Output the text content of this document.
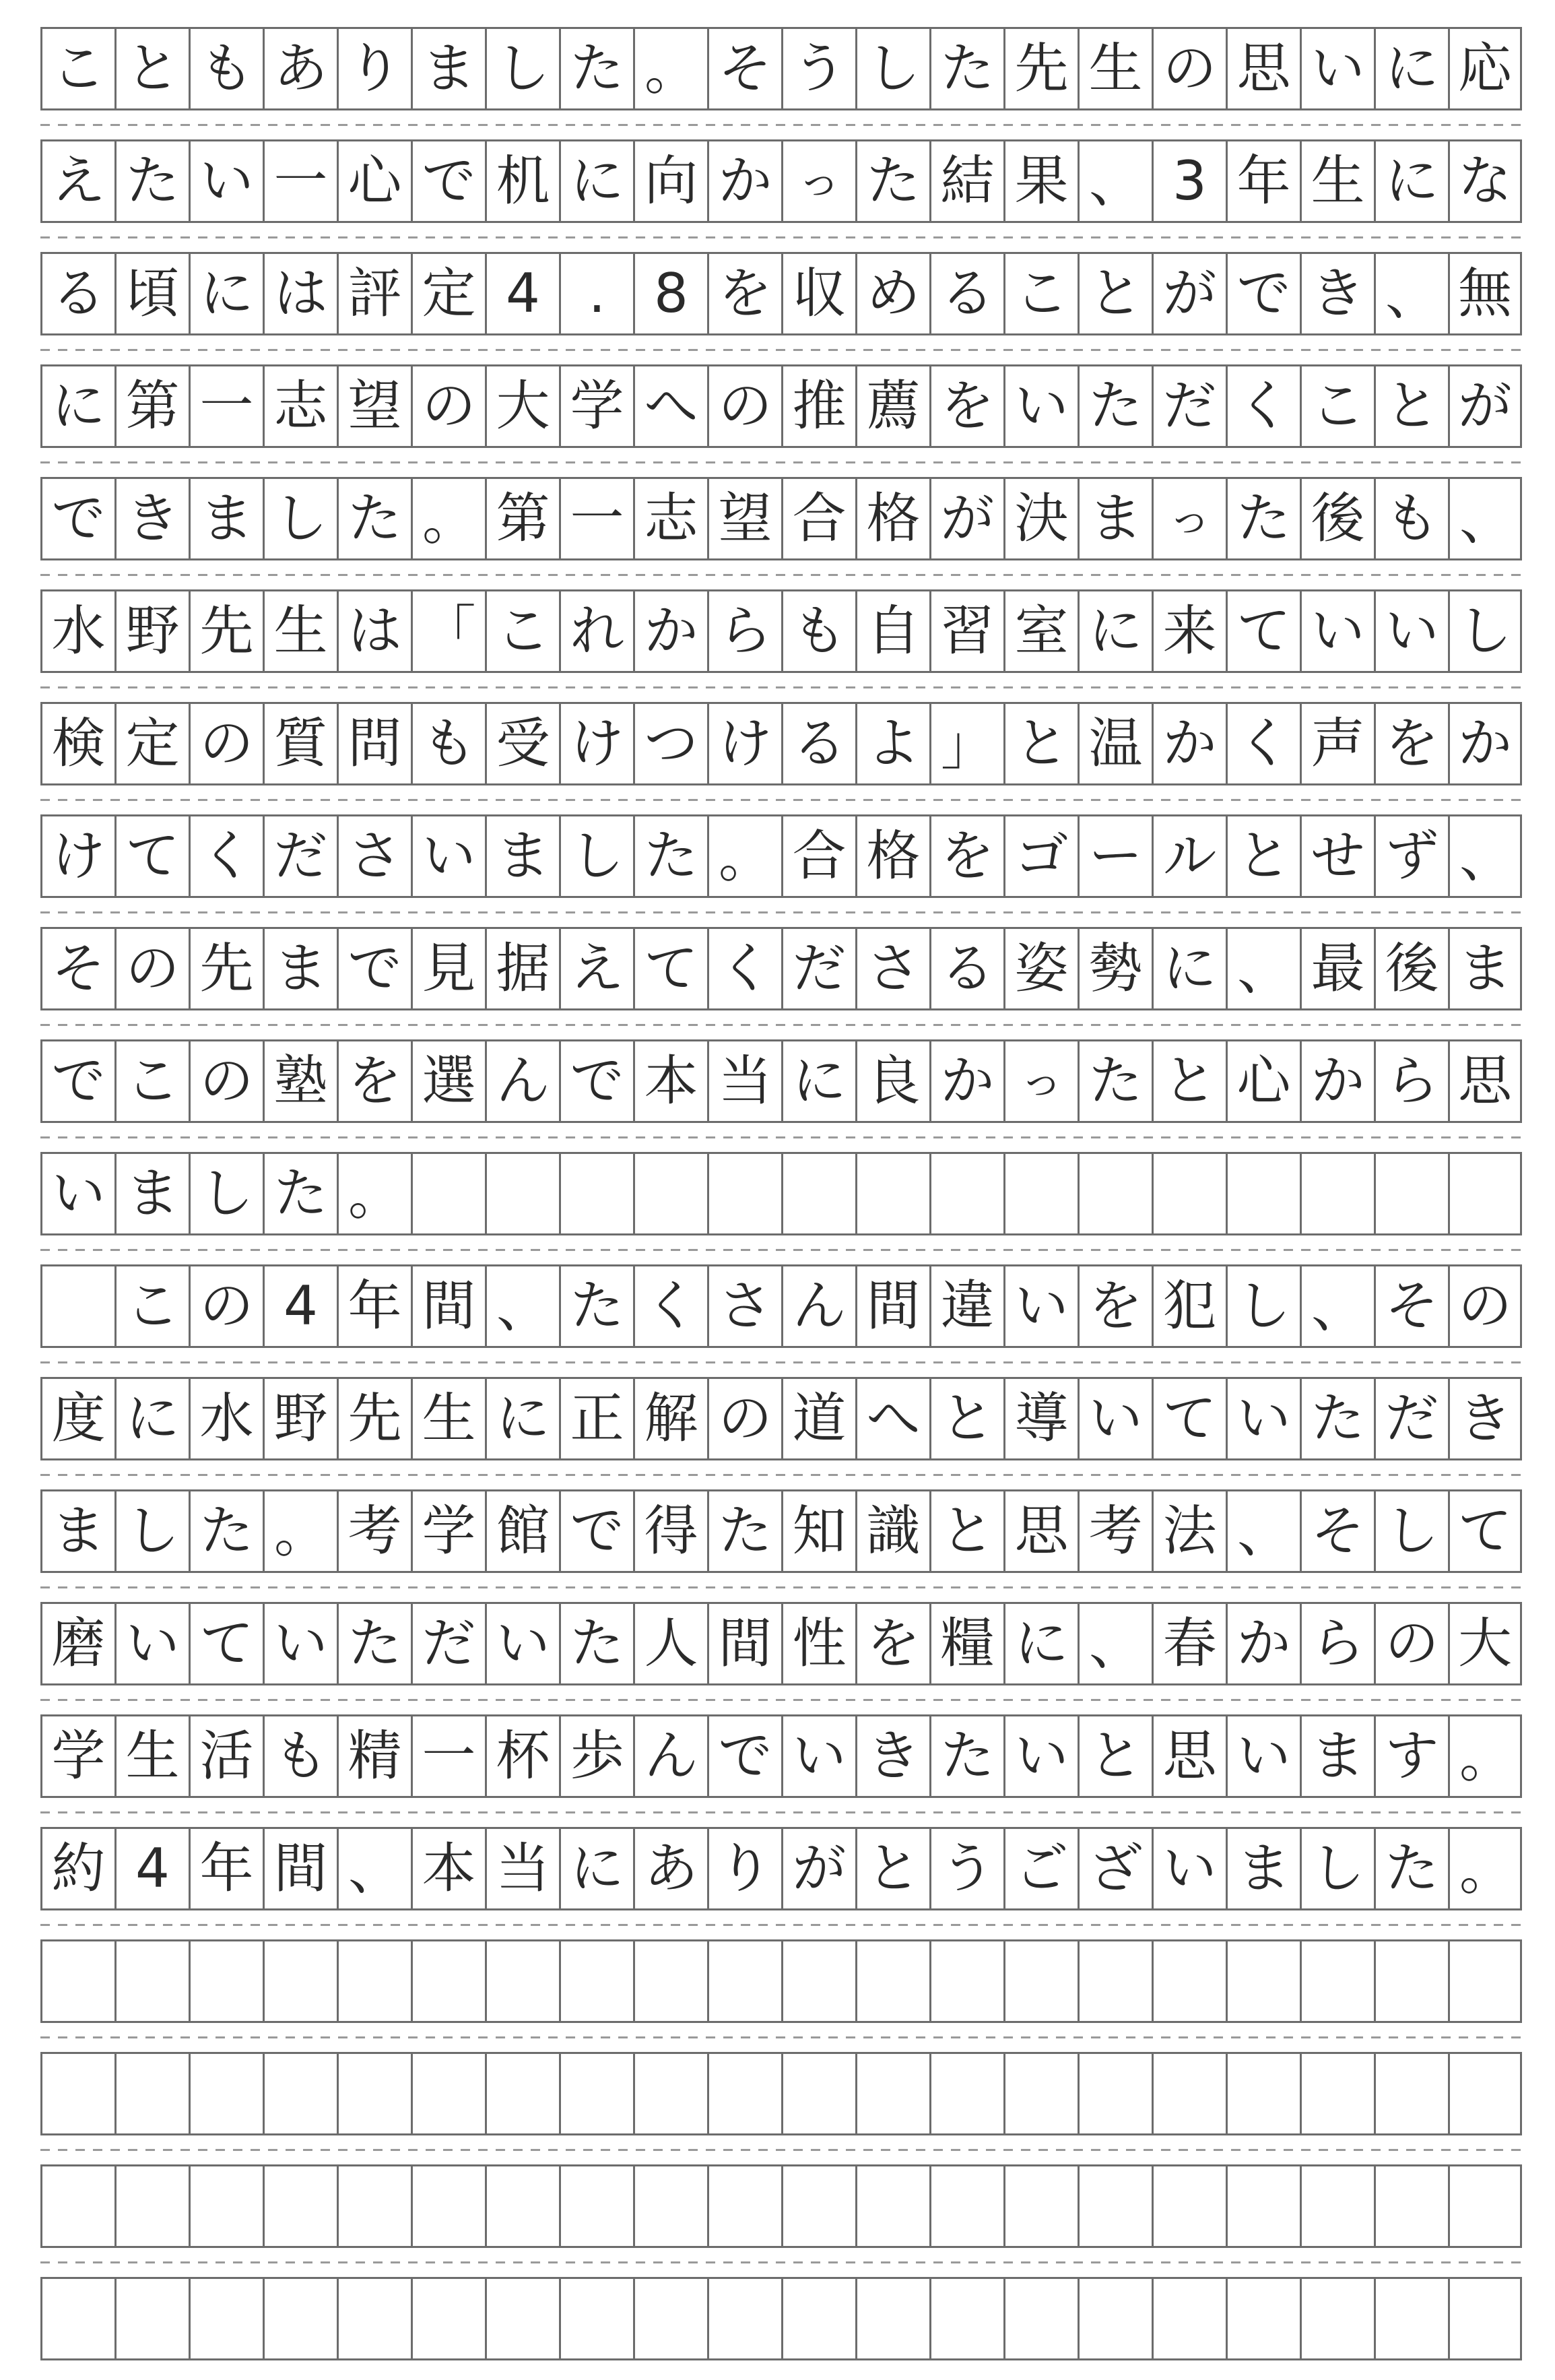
こ と も あ り ま し た 。 そ う し た 先 生 の 思 い に 応
え た い 一 心 で 机 に 向 か っ た 結 果 、 3 年 生 に な
る 頃 に は 評 定 4 . 8 を 収 め る こ と が で き 、 無
に 第 一 志 望 の 大 学 へ の 推 薦 を い た だ く こ と が
で き ま し た 。 第 一 志 望 合 格 が 決 ま っ た 後 も 、
水 野 先 生 は 「 こ れ か ら も 自 習 室 に 来 て い い し
検 定 の 質 問 も 受 け つ け る よ 」 と 温 か く 声 を か
け て く だ さ い ま し た 。 合 格 を ゴ ー ル と せ ず 、
そ の 先 ま で 見 据 え て く だ さ る 姿 勢 に 、 最 後 ま
で こ の 塾 を 選 ん で 本 当 に 良 か っ た と 心 か ら 思
い ま し た 。
こ の 4 年 間 、 た く さ ん 間 違 い を 犯 し 、 そ の
度 に 水 野 先 生 に 正 解 の 道 へ と 導 い て い た だ き
ま し た 。 考 学 館 で 得 た 知 識 と 思 考 法 、 そ し て
磨 い て い た だ い た 人 間 性 を 糧 に 、 春 か ら の 大
学 生 活 も 精 一 杯 歩 ん で い き た い と 思 い ま す 。
約 4 年 間 、 本 当 に あ り が と う ご ざ い ま し た 。
